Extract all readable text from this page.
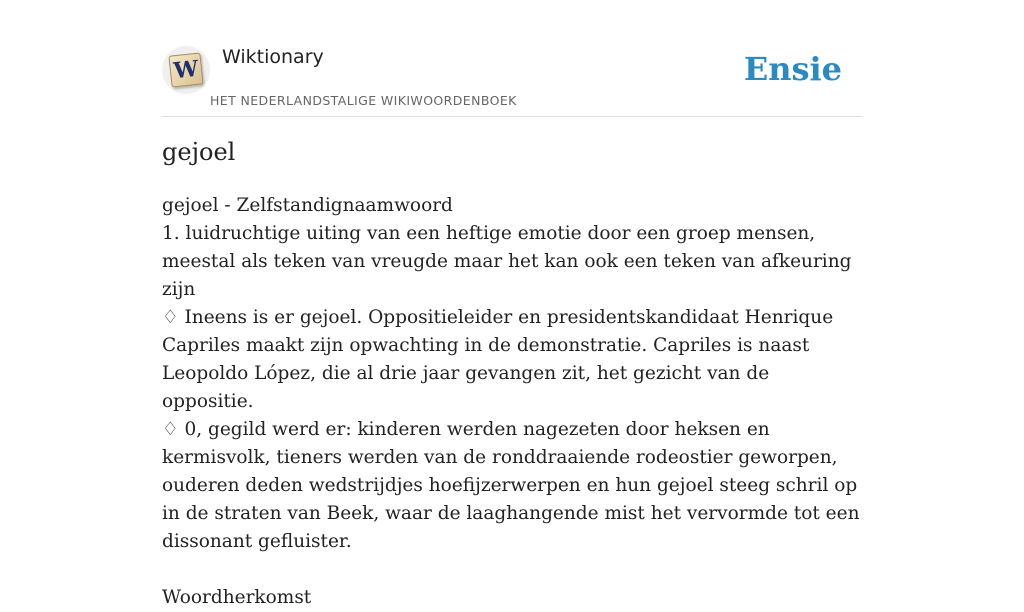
W Wiktionary
HET NEDERLANDSTALIGE WIKIWOORDENBOEK
Ensie
gejoel

gejoel - Zelfstandignaamwoord

1. luidruchtige uiting van een heftige emotie door een groep mensen, meestal als teken van vreugde maar het kan ook een teken van afkeuring zijn

♢ Ineens is er gejoel. Oppositieleider en presidentskandidaat Henrique Capriles maakt zijn opwachting in de demonstratie. Capriles is naast Leopoldo López, die al drie jaar gevangen zit, het gezicht van de oppositie.

♢ 0, gegild werd er: kinderen werden nagezeten door heksen en kermisvolk, tieners werden van de ronddraaiende rodeostier geworpen, ouderen deden wedstrijdjes hoefijzerwerpen en hun gejoel steeg schril op in de straten van Beek, waar de laaghangende mist het vervormde tot een dissonant gefluister.

Woordherkomst
